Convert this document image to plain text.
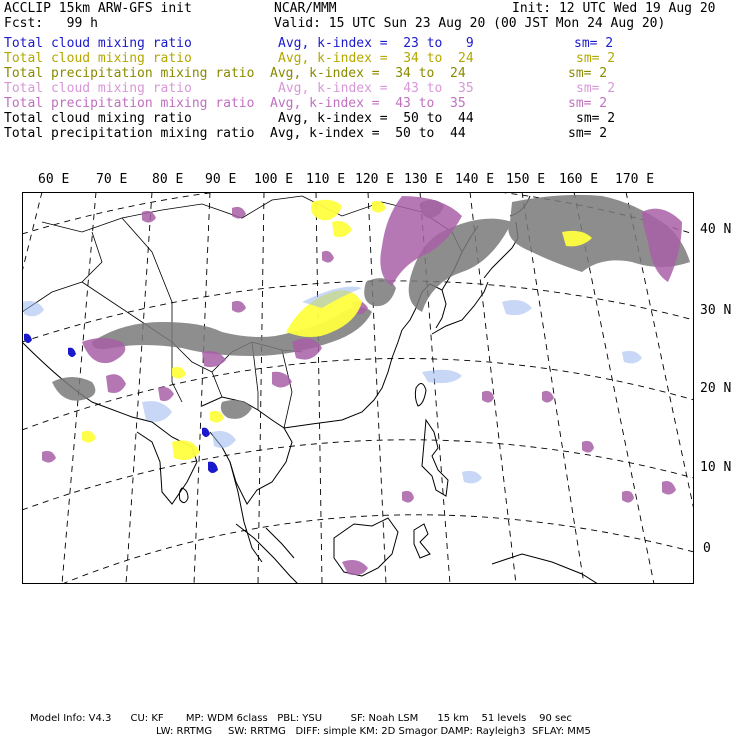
ACCLIP 15km ARW-GFS init	NCAR/MMM	Init: 12 UTC Wed 19 Aug 20
Fcst:   99 h	Valid: 15 UTC Sun 23 Aug 20 (00 JST Mon 24 Aug 20)
Total cloud mixing ratio	Avg, k-index =  23 to   9	sm= 2
Total cloud mixing ratio	Avg, k-index =  34 to  24	sm= 2
Total precipitation mixing ratio Avg, k-index =  34 to  24	sm= 2
Total cloud mixing ratio	Avg, k-index =  43 to  35	sm= 2
Total precipitation mixing ratio Avg, k-index =  43 to  35	sm= 2
Total cloud mixing ratio	Avg, k-index =  50 to  44	sm= 2
Total precipitation mixing ratio Avg, k-index =  50 to  44	sm= 2
60 E 70 E 80 E 90 E 100 E 110 E 120 E 130 E 140 E 150 E 160 E 170 E
40 N
30 N
20 N
10 N
0
Model Info: V4.3      CU: KF       MP: WDM 6class   PBL: YSU         SF: Noah LSM      15 km    51 levels    90 sec
LW: RRTMG     SW: RRTMG   DIFF: simple KM: 2D Smagor DAMP: Rayleigh3  SFLAY: MM5
